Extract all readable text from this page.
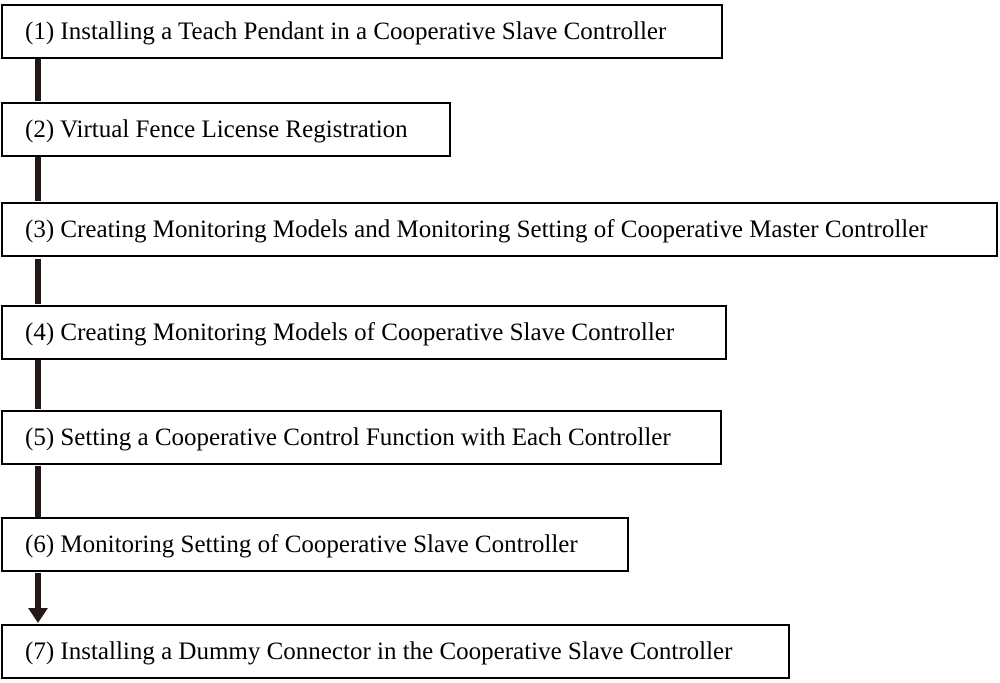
(1) Installing a Teach Pendant in a Cooperative Slave Controller
(2) Virtual Fence License Registration
(3) Creating Monitoring Models and Monitoring Setting of Cooperative Master Controller
(4) Creating Monitoring Models of Cooperative Slave Controller
(5) Setting a Cooperative Control Function with Each Controller
(6) Monitoring Setting of Cooperative Slave Controller
(7) Installing a Dummy Connector in the Cooperative Slave Controller
